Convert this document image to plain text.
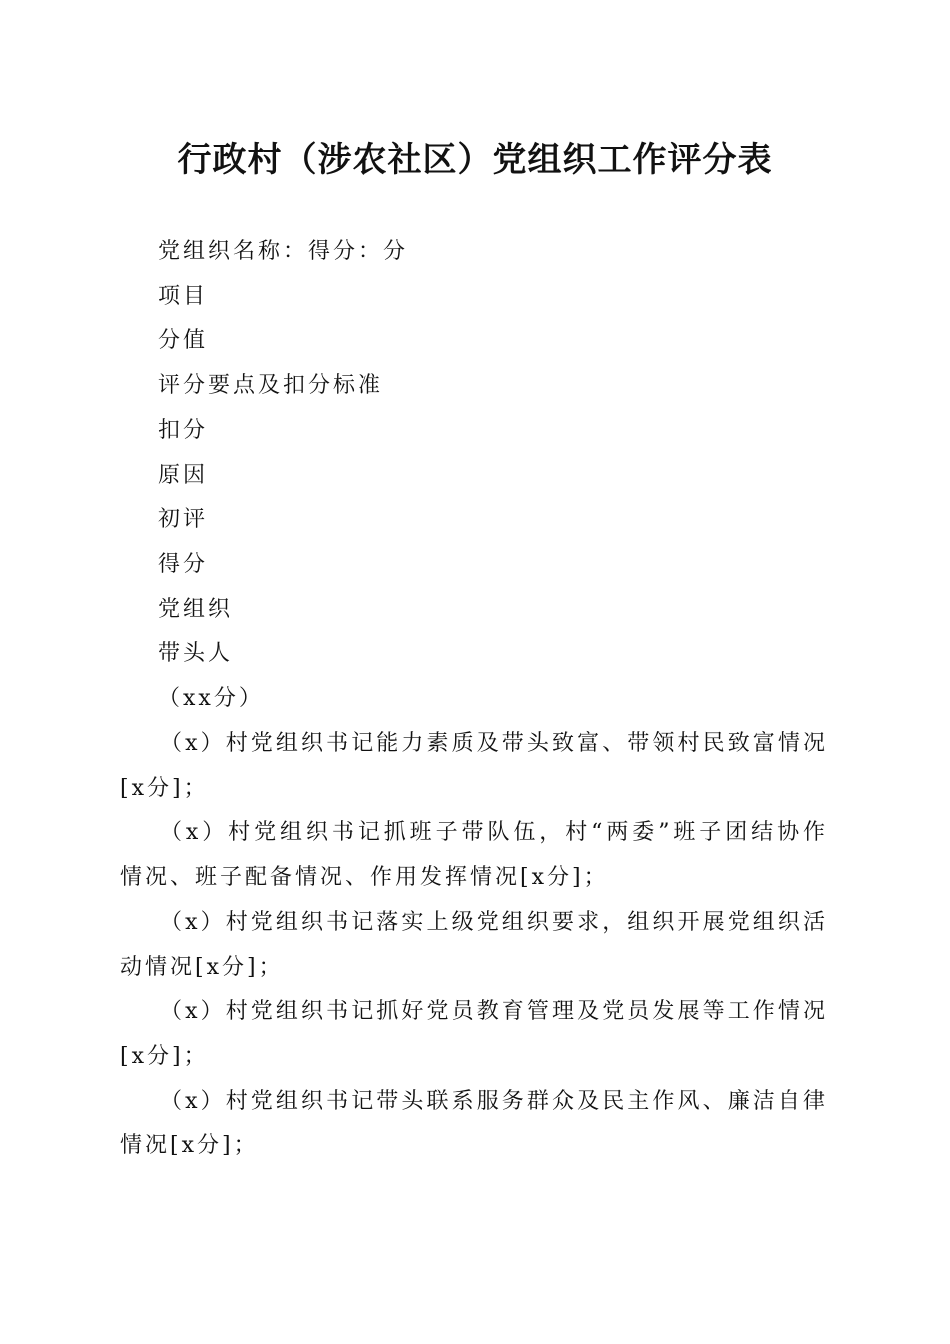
行政村（涉农社区）党组织工作评分表
党组织名称：得分：分
项目
分值
评分要点及扣分标准
扣分
原因
初评
得分
党组织
带头人
（xx分）

（x）村党组织书记能力素质及带头致富、带领村民致富情况[x分]；

（x）村党组织书记抓班子带队伍，村“两委”班子团结协作情况、班子配备情况、作用发挥情况[x分]；

（x）村党组织书记落实上级党组织要求，组织开展党组织活动情况[x分]；

（x）村党组织书记抓好党员教育管理及党员发展等工作情况[x分]；

（x）村党组织书记带头联系服务群众及民主作风、廉洁自律情况[x分]；
